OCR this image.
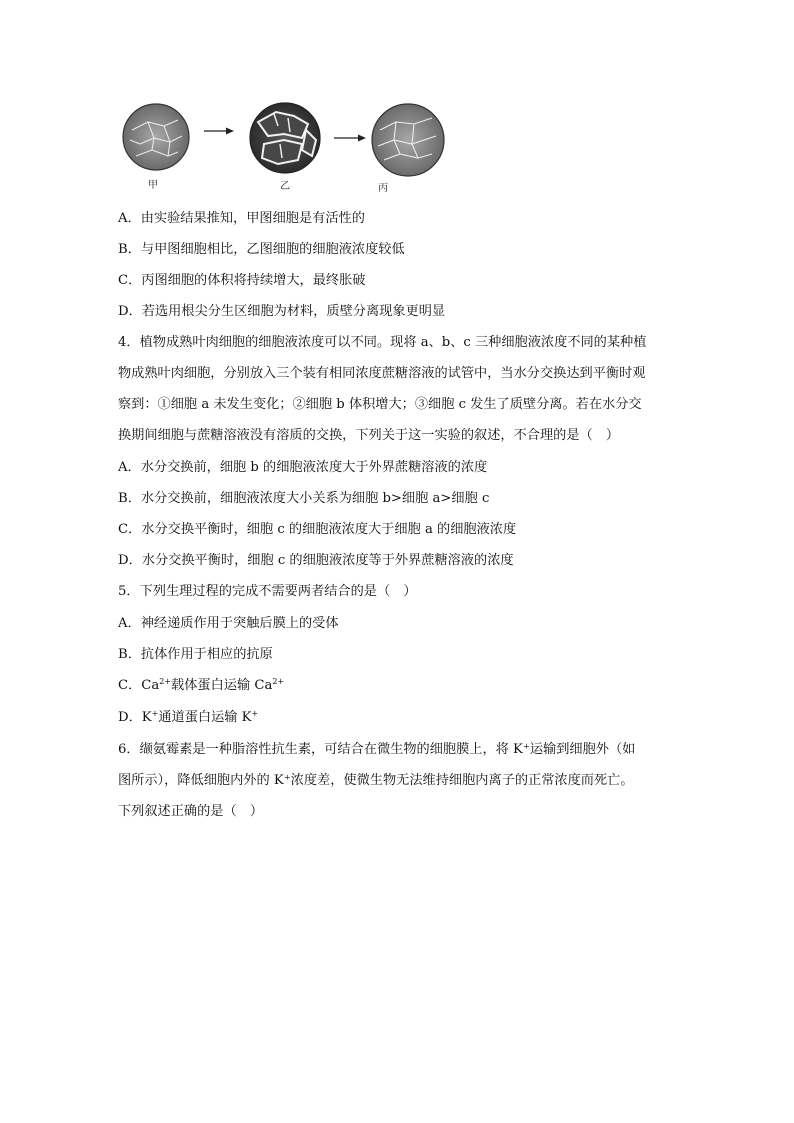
甲	乙	丙
A．由实验结果推知，甲图细胞是有活性的
B．与甲图细胞相比，乙图细胞的细胞液浓度较低
C．丙图细胞的体积将持续增大，最终胀破
D．若选用根尖分生区细胞为材料，质壁分离现象更明显
4．植物成熟叶肉细胞的细胞液浓度可以不同。现将 a、b、c 三种细胞液浓度不同的某种植
物成熟叶肉细胞，分别放入三个装有相同浓度蔗糖溶液的试管中，当水分交换达到平衡时观
察到：①细胞 a 未发生变化；②细胞 b 体积增大；③细胞 c 发生了质壁分离。若在水分交
换期间细胞与蔗糖溶液没有溶质的交换，下列关于这一实验的叙述，不合理的是（　）
A．水分交换前，细胞 b 的细胞液浓度大于外界蔗糖溶液的浓度
B．水分交换前，细胞液浓度大小关系为细胞 b>细胞 a>细胞 c
C．水分交换平衡时，细胞 c 的细胞液浓度大于细胞 a 的细胞液浓度
D．水分交换平衡时，细胞 c 的细胞液浓度等于外界蔗糖溶液的浓度
5．下列生理过程的完成不需要两者结合的是（　）
A．神经递质作用于突触后膜上的受体
B．抗体作用于相应的抗原
C．$Ca^{2+}$载体蛋白运输 $Ca^{2+}$
D．K+通道蛋白运输 K+
6．缬氨霉素是一种脂溶性抗生素，可结合在微生物的细胞膜上，将 K⁺运输到细胞外（如
图所示），降低细胞内外的 K⁺浓度差，使微生物无法维持细胞内离子的正常浓度而死亡。
下列叙述正确的是（　）
